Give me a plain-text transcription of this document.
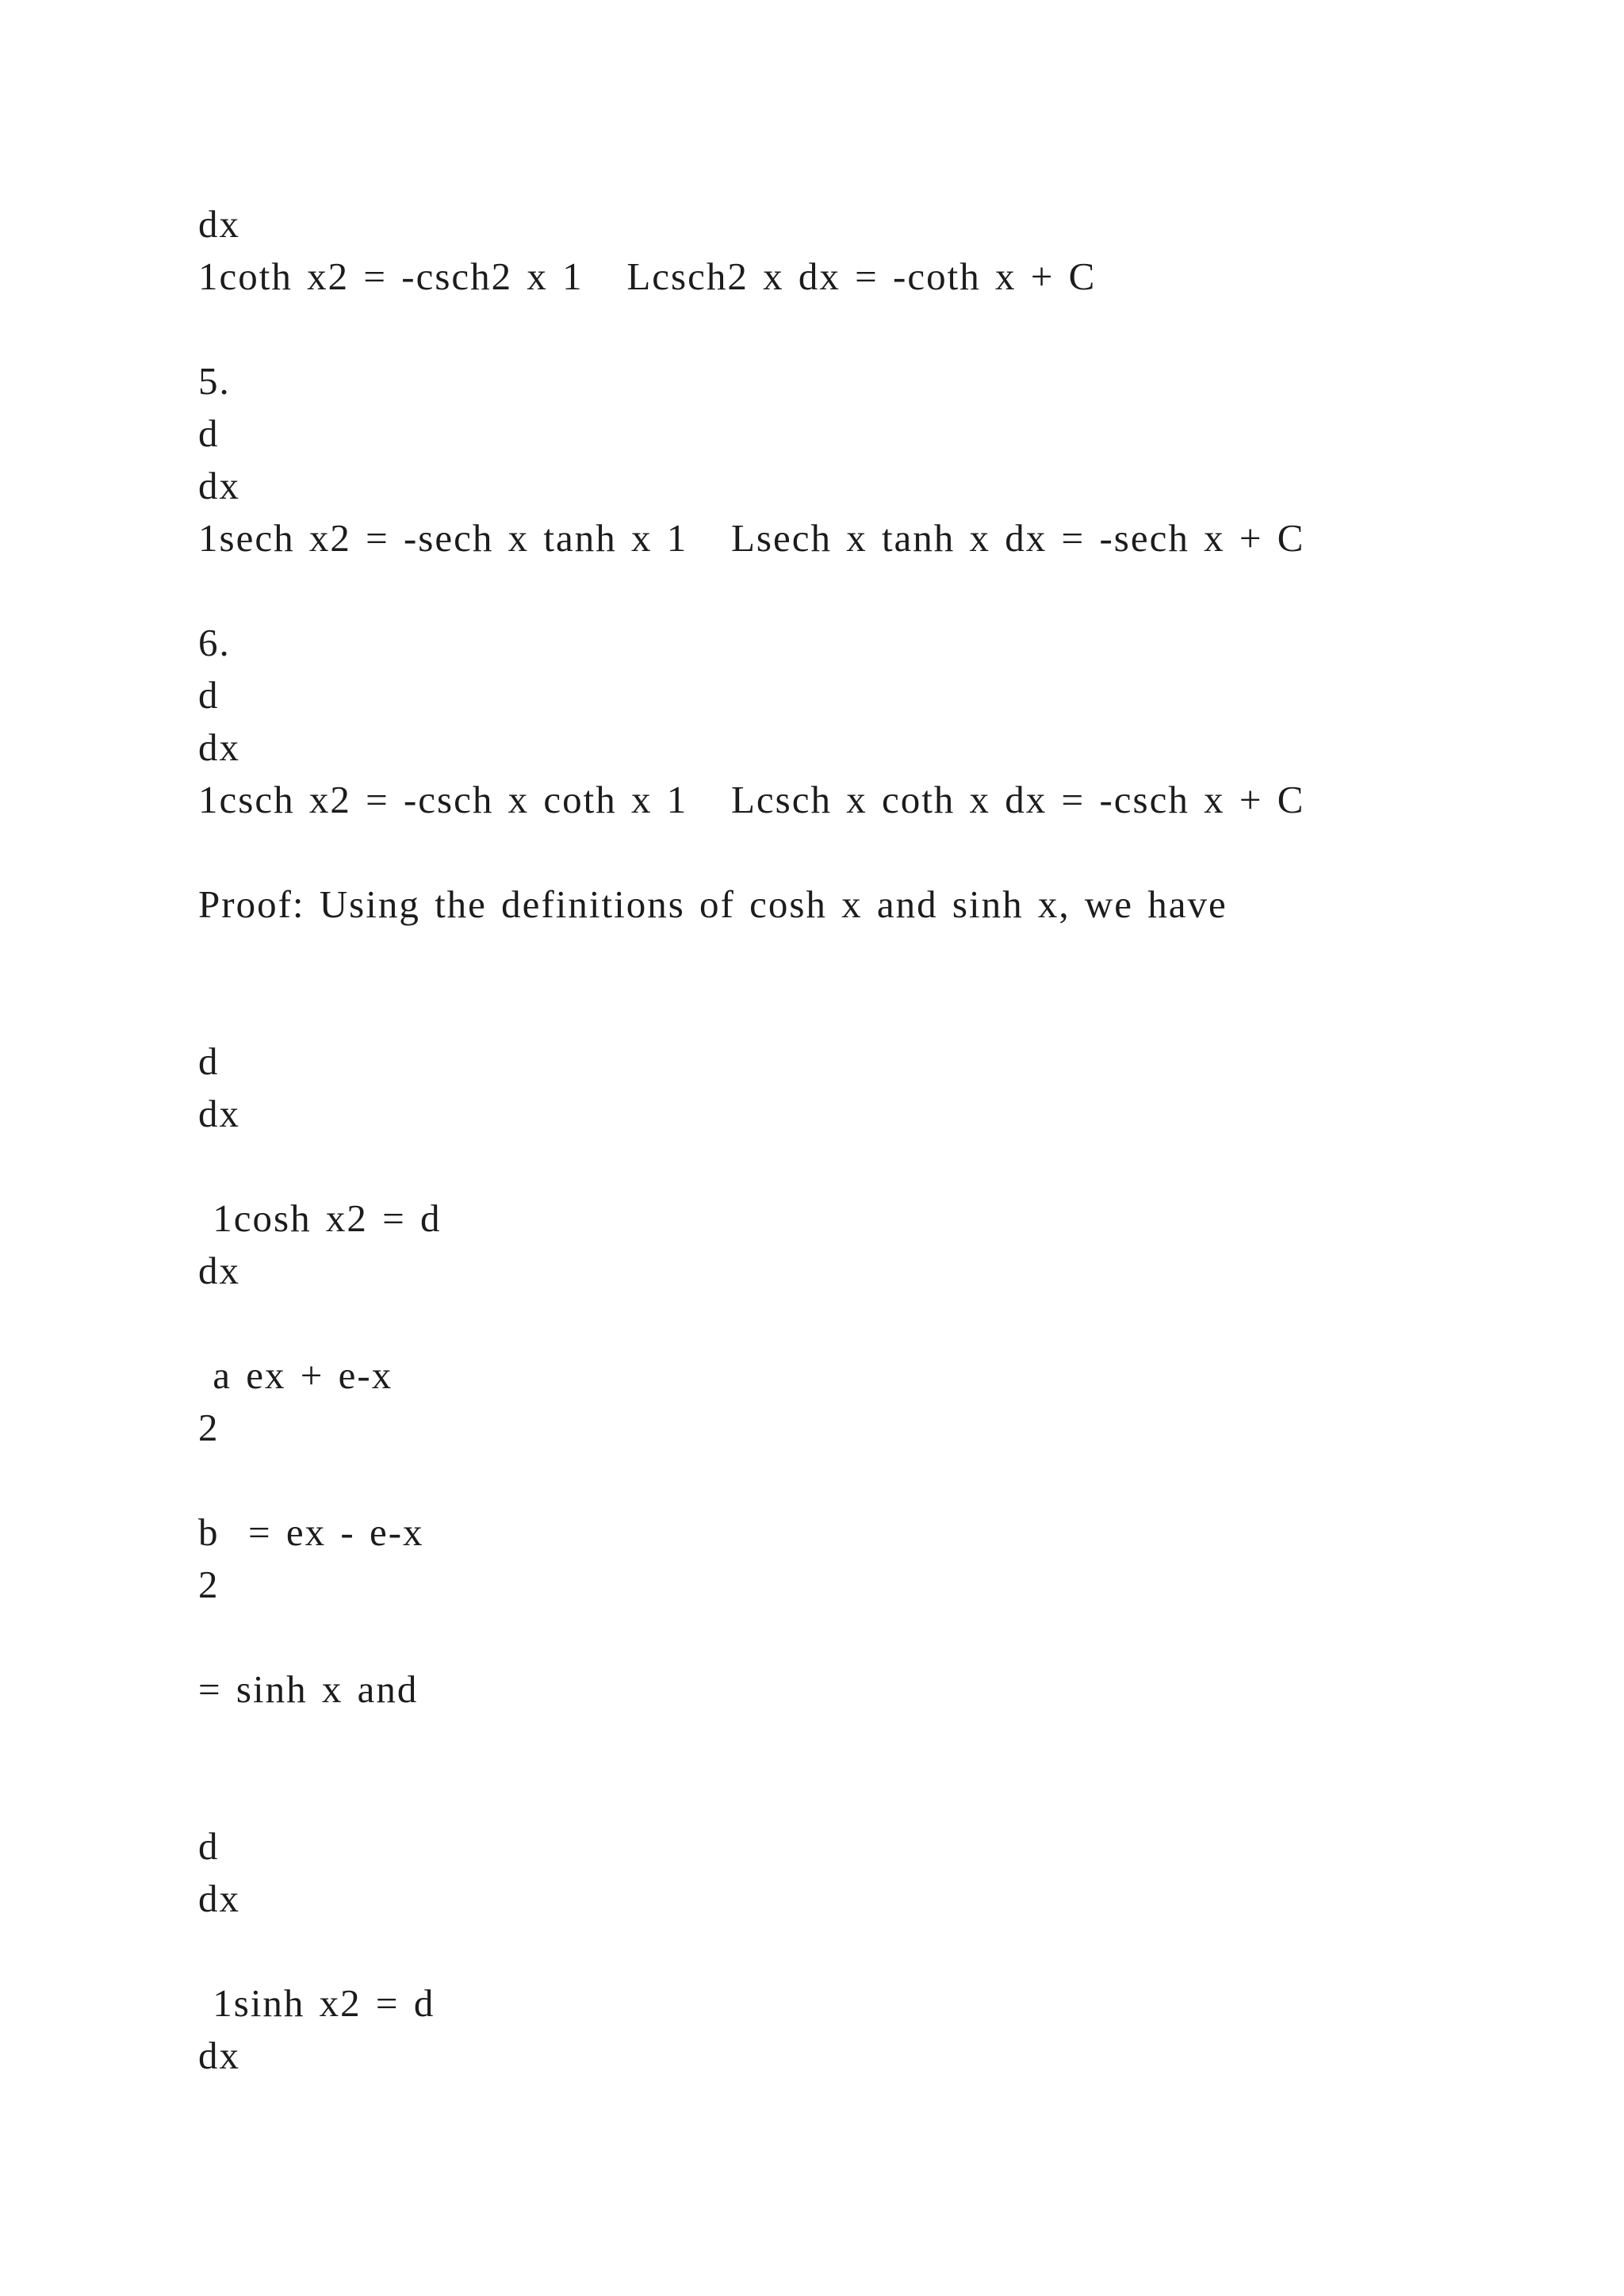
dx

1coth x2 = -csch2 x 1   Lcsch2 x dx = -coth x + C

5.

d

dx

1sech x2 = -sech x tanh x 1   Lsech x tanh x dx = -sech x + C

6.

d

dx

1csch x2 = -csch x coth x 1   Lcsch x coth x dx = -csch x + C

Proof: Using the definitions of cosh x and sinh x, we have

d

dx

1cosh x2 = d

dx

a ex + e-x

2

b  = ex - e-x

2

= sinh x and

d

dx

1sinh x2 = d

dx
